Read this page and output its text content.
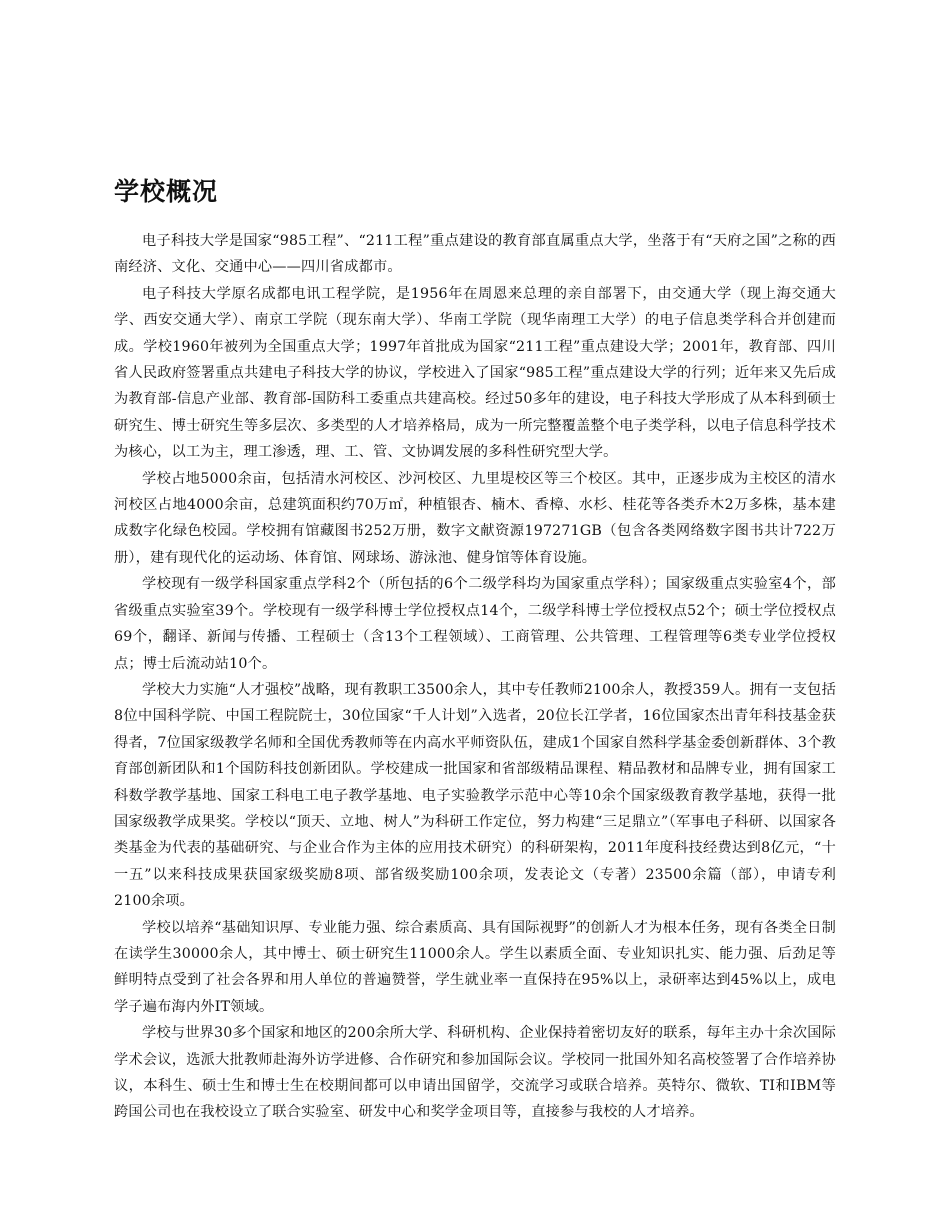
学校概况

电子科技大学是国家“985工程”、“211工程”重点建设的教育部直属重点大学，坐落于有“天府之国”之称的西南经济、文化、交通中心——四川省成都市。

电子科技大学原名成都电讯工程学院，是1956年在周恩来总理的亲自部署下，由交通大学（现上海交通大学、西安交通大学）、南京工学院（现东南大学）、华南工学院（现华南理工大学）的电子信息类学科合并创建而成。学校1960年被列为全国重点大学；1997年首批成为国家“211工程”重点建设大学；2001年，教育部、四川省人民政府签署重点共建电子科技大学的协议，学校进入了国家“985工程”重点建设大学的行列；近年来又先后成为教育部-信息产业部、教育部-国防科工委重点共建高校。经过50多年的建设，电子科技大学形成了从本科到硕士研究生、博士研究生等多层次、多类型的人才培养格局，成为一所完整覆盖整个电子类学科，以电子信息科学技术为核心，以工为主，理工渗透，理、工、管、文协调发展的多科性研究型大学。

学校占地5000余亩，包括清水河校区、沙河校区、九里堤校区等三个校区。其中，正逐步成为主校区的清水河校区占地4000余亩，总建筑面积约70万㎡，种植银杏、楠木、香樟、水杉、桂花等各类乔木2万多株，基本建成数字化绿色校园。学校拥有馆藏图书252万册，数字文献资源197271GB（包含各类网络数字图书共计722万册），建有现代化的运动场、体育馆、网球场、游泳池、健身馆等体育设施。

学校现有一级学科国家重点学科2个（所包括的6个二级学科均为国家重点学科）；国家级重点实验室4个，部省级重点实验室39个。学校现有一级学科博士学位授权点14个，二级学科博士学位授权点52个；硕士学位授权点69个，翻译、新闻与传播、工程硕士（含13个工程领域）、工商管理、公共管理、工程管理等6类专业学位授权点；博士后流动站10个。

学校大力实施“人才强校”战略，现有教职工3500余人，其中专任教师2100余人，教授359人。拥有一支包括8位中国科学院、中国工程院院士，30位国家“千人计划”入选者，20位长江学者，16位国家杰出青年科技基金获得者，7位国家级教学名师和全国优秀教师等在内高水平师资队伍，建成1个国家自然科学基金委创新群体、3个教育部创新团队和1个国防科技创新团队。学校建成一批国家和省部级精品课程、精品教材和品牌专业，拥有国家工科数学教学基地、国家工科电工电子教学基地、电子实验教学示范中心等10余个国家级教育教学基地，获得一批国家级教学成果奖。学校以“顶天、立地、树人”为科研工作定位，努力构建“三足鼎立”（军事电子科研、以国家各类基金为代表的基础研究、与企业合作为主体的应用技术研究）的科研架构，2011年度科技经费达到8亿元，“十一五”以来科技成果获国家级奖励8项、部省级奖励100余项，发表论文（专著）23500余篇（部），申请专利2100余项。

学校以培养“基础知识厚、专业能力强、综合素质高、具有国际视野”的创新人才为根本任务，现有各类全日制在读学生30000余人，其中博士、硕士研究生11000余人。学生以素质全面、专业知识扎实、能力强、后劲足等鲜明特点受到了社会各界和用人单位的普遍赞誉，学生就业率一直保持在95%以上，录研率达到45%以上，成电学子遍布海内外IT领域。

学校与世界30多个国家和地区的200余所大学、科研机构、企业保持着密切友好的联系，每年主办十余次国际学术会议，选派大批教师赴海外访学进修、合作研究和参加国际会议。学校同一批国外知名高校签署了合作培养协议，本科生、硕士生和博士生在校期间都可以申请出国留学，交流学习或联合培养。英特尔、微软、TI和IBM等跨国公司也在我校设立了联合实验室、研发中心和奖学金项目等，直接参与我校的人才培养。
